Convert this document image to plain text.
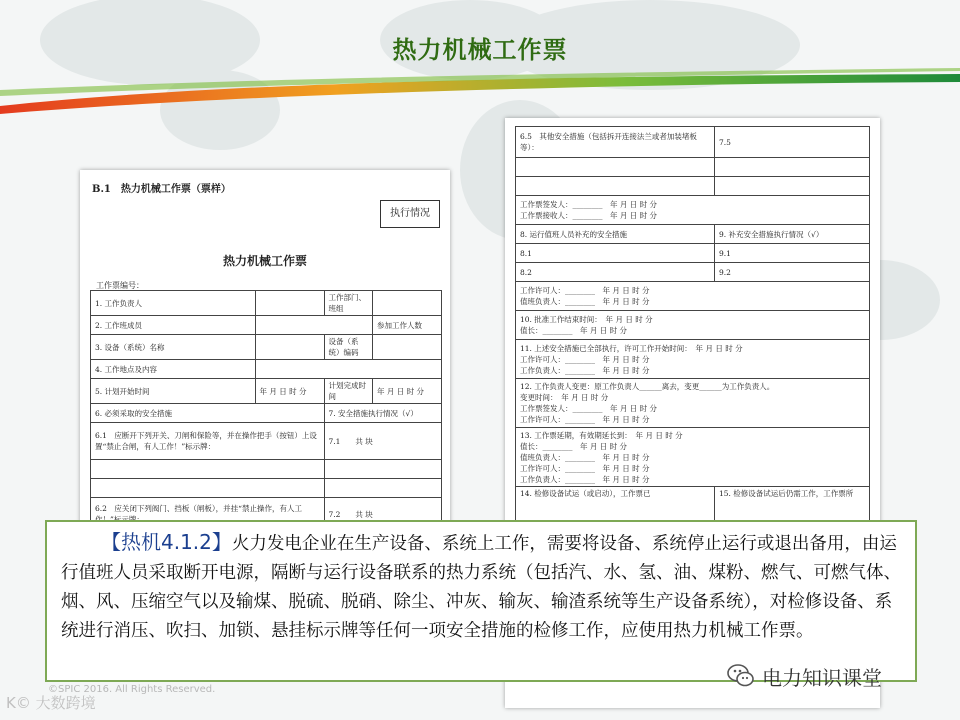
热力机械工作票
B.1　热力机械工作票（票样）
执行情况
热力机械工作票
工作票编号：
1. 工作负责人		工作部门、班组	
2. 工作班成员			参加工作人数
3. 设备（系统）名称		设备（系统）编码	
4. 工作地点及内容			
5. 计划开始时间	年 月 日 时 分	计划完成时间	年 月 日 时 分
6. 必须采取的安全措施		7. 安全措施执行情况（√）	
6.1　应断开下列开关、刀闸和保险等，并在操作把手（按钮）上设置“禁止合闸，有人工作！”标示牌：		7.1　　共 块	

6.2　应关闭下列阀门、挡板（闸板），并挂“禁止操作，有人工		7.2　　共 块	

6.5　其他安全措施（包括拆开连接法兰或者加装堵板等）：	7.5

工作票签发人：________　年 月 日 时 分
工作票接收人：________　年 月 日 时 分	

8. 运行值班人员补充的安全措施	9. 补充安全措施执行情况（√）
8.1	9.1
8.2	9.2

工作许可人：________　年 月 日 时 分
值班负责人：________　年 月 日 时 分	

10. 批准工作结束时间：　年 月 日 时 分
值长：________　年 月 日 时 分	

11. 上述安全措施已全部执行，许可工作开始时间：　年 月 日 时 分
工作许可人：________　年 月 日 时 分
工作负责人：________　年 月 日 时 分	

12. 工作负责人变更：原工作负责人______离去，变更______为工作负责人。
变更时间：　年 月 日 时 分
工作票签发人：________　年 月 日 时 分
工作许可人：________　年 月 日 时 分	

13. 工作票延期，有效期延长到：　年 月 日 时 分
值长：________　年 月 日 时 分
值班负责人：________　年 月 日 时 分
工作许可人：________　年 月 日 时 分
工作负责人：________　年 月 日 时 分	

14. 检修设备试运（或启动），工作票已	15. 检修设备试运后仍需工作，工作票所

【热机4.1.2】火力发电企业在生产设备、系统上工作，需要将设备、系统停止运行或退出备用，由运行值班人员采取断开电源，隔断与运行设备联系的热力系统（包括汽、水、氢、油、煤粉、燃气、可燃气体、烟、风、压缩空气以及输煤、脱硫、脱硝、除尘、冲灰、输灰、输渣系统等生产设备系统），对检修设备、系统进行消压、吹扫、加锁、悬挂标示牌等任何一项安全措施的检修工作，应使用热力机械工作票。

©SPIC 2016. All Rights Reserved.
K© 大数跨境
电力知识课堂
